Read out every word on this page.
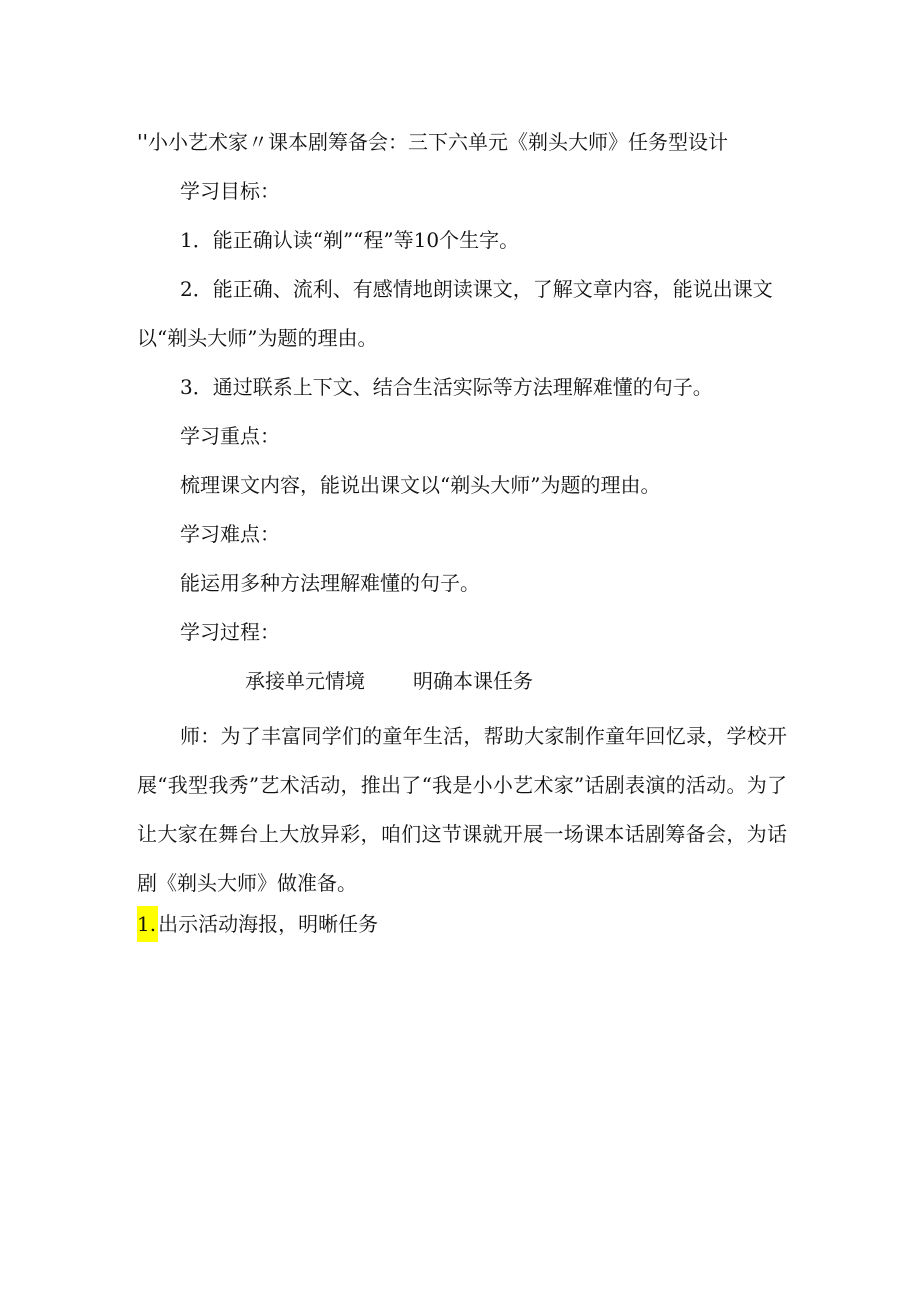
''小小艺术家〃课本剧筹备会：三下六单元《剃头大师》任务型设计
学习目标：
1．能正确认读“剃”“程”等10个生字。
2．能正确、流利、有感情地朗读课文，了解文章内容，能说出课文
以“剃头大师”为题的理由。
3．通过联系上下文、结合生活实际等方法理解难懂的句子。
学习重点：
梳理课文内容，能说出课文以“剃头大师”为题的理由。
学习难点：
能运用多种方法理解难懂的句子。
学习过程：
承接单元情境 明确本课任务
师：为了丰富同学们的童年生活，帮助大家制作童年回忆录，学校开展“我型我秀”艺术活动，推出了“我是小小艺术家”话剧表演的活动。为了让大家在舞台上大放异彩，咱们这节课就开展一场课本话剧筹备会，为话剧《剃头大师》做准备。
1. 出示活动海报，明晰任务
